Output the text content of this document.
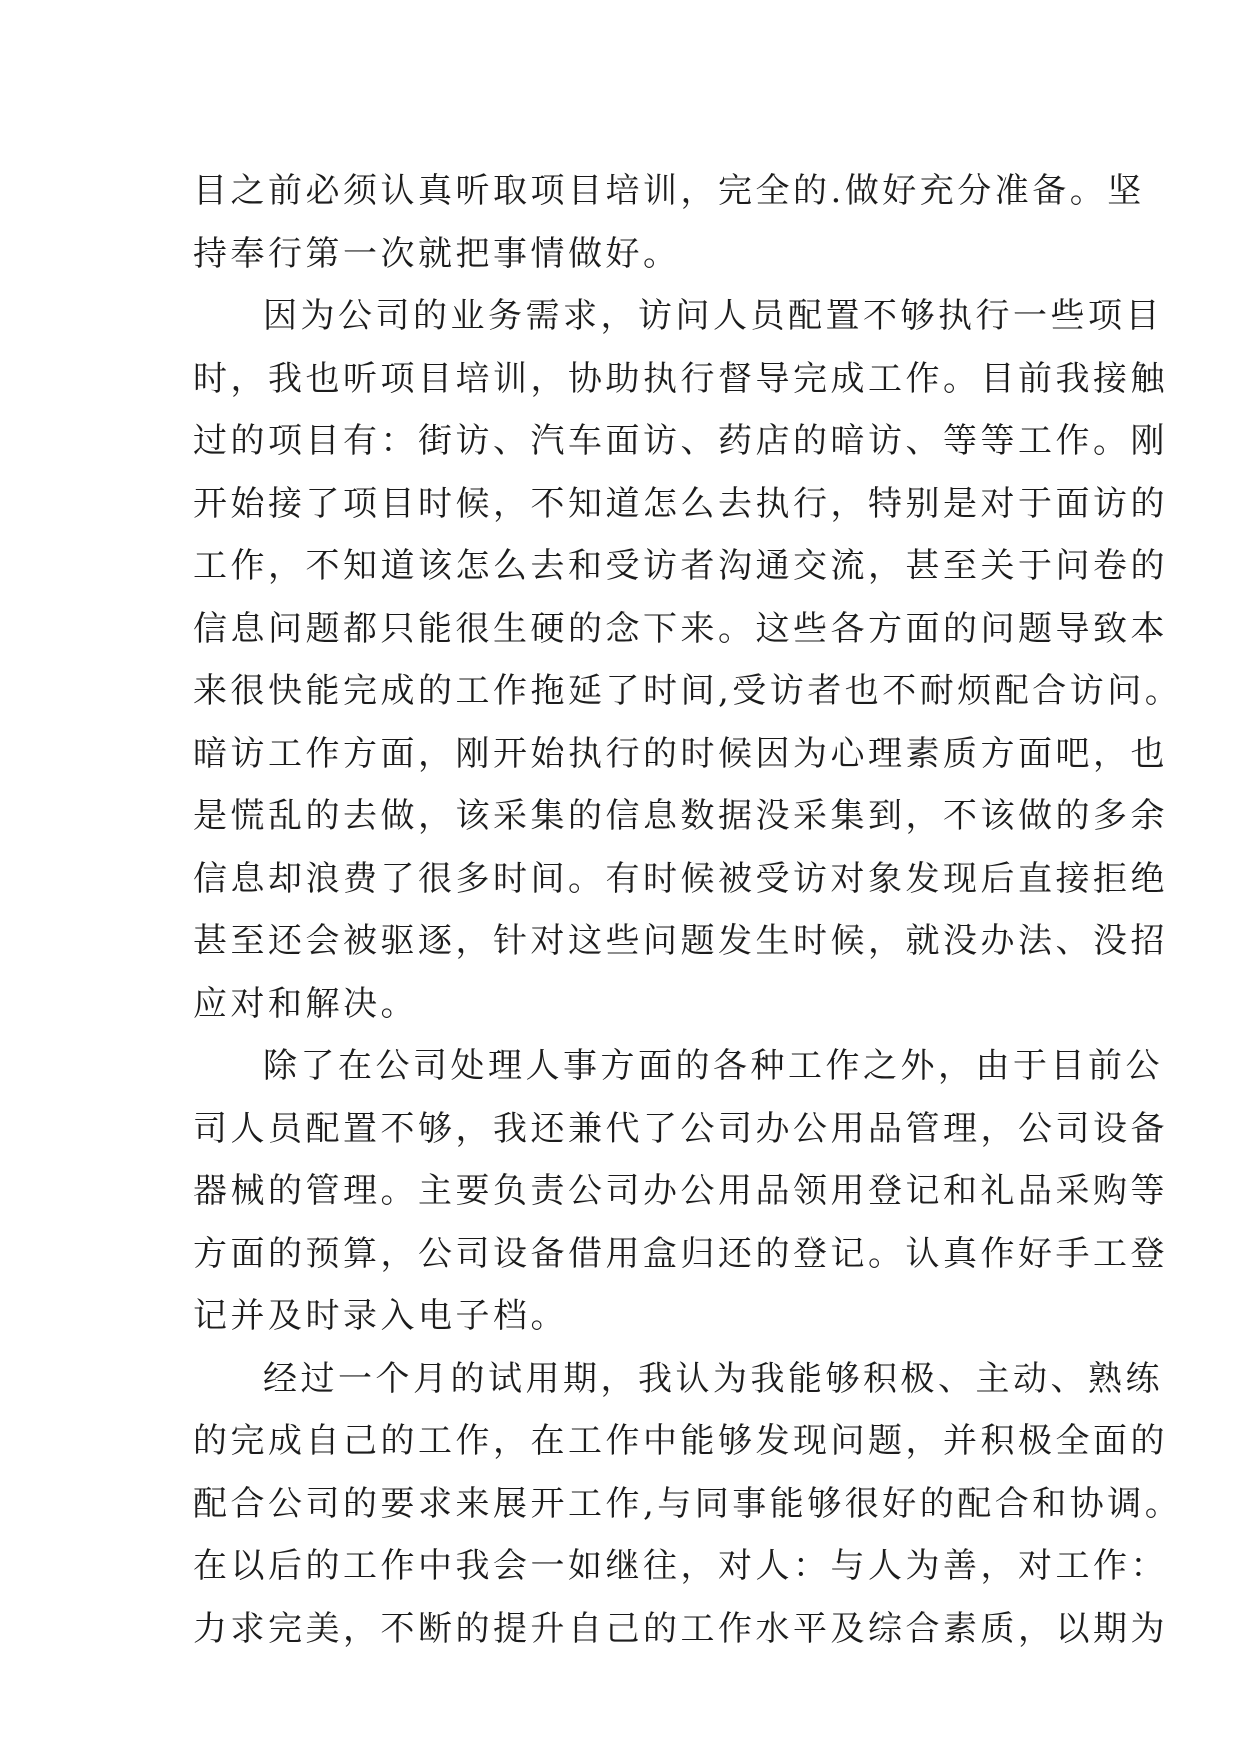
目之前必须认真听取项目培训，完全的.做好充分准备。坚
持奉行第一次就把事情做好。
因为公司的业务需求，访问人员配置不够执行一些项目
时，我也听项目培训，协助执行督导完成工作。目前我接触
过的项目有：街访、汽车面访、药店的暗访、等等工作。刚
开始接了项目时候，不知道怎么去执行，特别是对于面访的
工作，不知道该怎么去和受访者沟通交流，甚至关于问卷的
信息问题都只能很生硬的念下来。这些各方面的问题导致本
来很快能完成的工作拖延了时间,受访者也不耐烦配合访问。
暗访工作方面，刚开始执行的时候因为心理素质方面吧，也
是慌乱的去做，该采集的信息数据没采集到，不该做的多余
信息却浪费了很多时间。有时候被受访对象发现后直接拒绝
甚至还会被驱逐，针对这些问题发生时候，就没办法、没招
应对和解决。
除了在公司处理人事方面的各种工作之外，由于目前公
司人员配置不够，我还兼代了公司办公用品管理，公司设备
器械的管理。主要负责公司办公用品领用登记和礼品采购等
方面的预算，公司设备借用盒归还的登记。认真作好手工登
记并及时录入电子档。
经过一个月的试用期，我认为我能够积极、主动、熟练
的完成自己的工作，在工作中能够发现问题，并积极全面的
配合公司的要求来展开工作,与同事能够很好的配合和协调。
在以后的工作中我会一如继往，对人：与人为善，对工作：
力求完美，不断的提升自己的工作水平及综合素质，以期为
